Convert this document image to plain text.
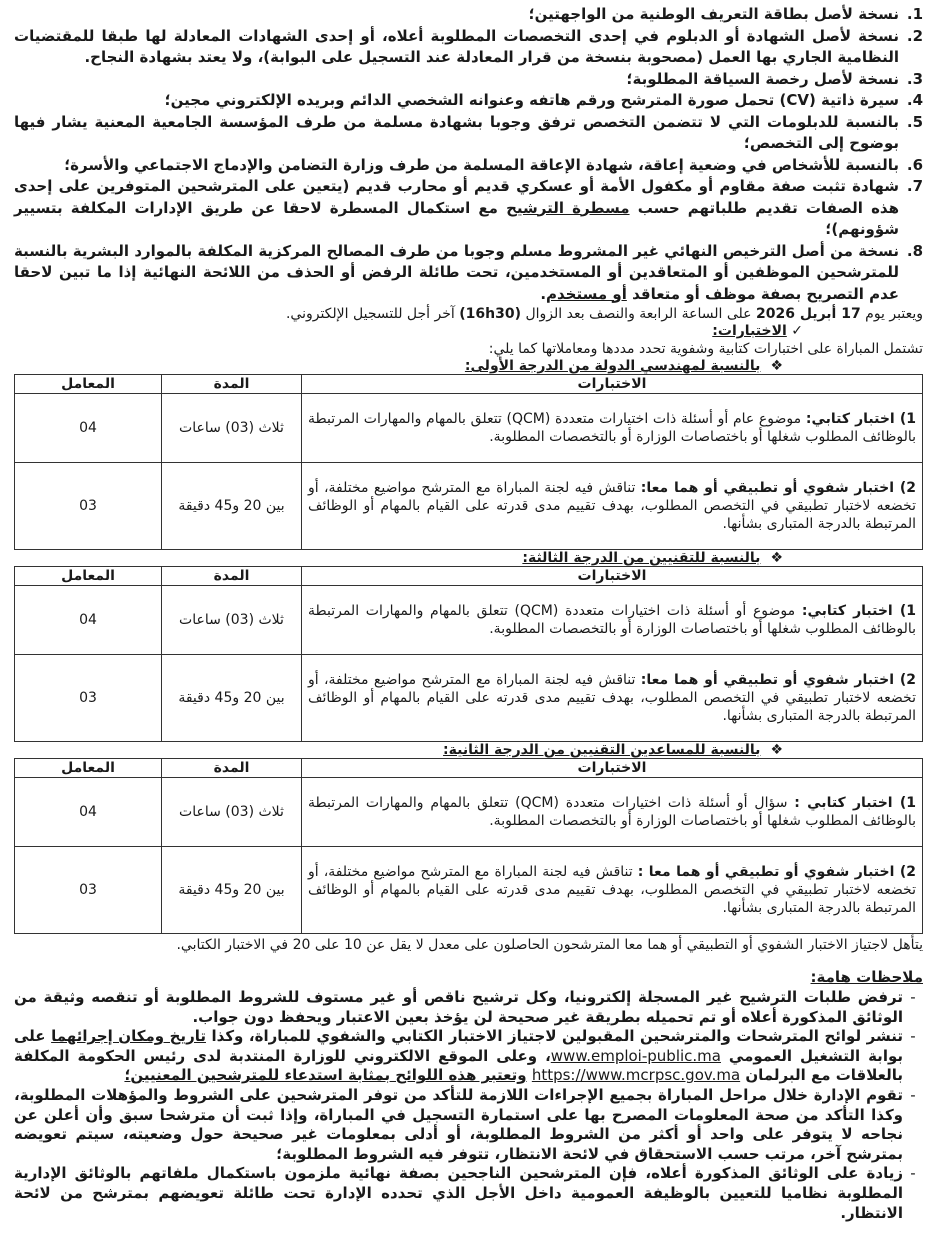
1.
نسخة لأصل بطاقة التعريف الوطنية من الواجهتين؛
2.
نسخة لأصل الشهادة أو الدبلوم في إحدى التخصصات المطلوبة أعلاه، أو إحدى الشهادات المعادلة لها طبقا للمقتضيات النظامية الجاري بها العمل (مصحوبة بنسخة من قرار المعادلة عند التسجيل على البوابة)، ولا يعتد بشهادة النجاح.
3.
نسخة لأصل رخصة السياقة المطلوبة؛
4.
سيرة ذاتية (CV) تحمل صورة المترشح ورقم هاتفه وعنوانه الشخصي الدائم وبريده الإلكتروني مجين؛
5.
بالنسبة للدبلومات التي لا تتضمن التخصص ترفق وجوبا بشهادة مسلمة من طرف المؤسسة الجامعية المعنية يشار فيها بوضوح إلى التخصص؛
6.
بالنسبة للأشخاص في وضعية إعاقة، شهادة الإعاقة المسلمة من طرف وزارة التضامن والإدماج الاجتماعي والأسرة؛
7.
شهادة تثبت صفة مقاوم أو مكفول الأمة أو عسكري قديم أو محارب قديم (يتعين على المترشحين المتوفرين على إحدى هذه الصفات تقديم طلباتهم حسب مسطرة الترشيح مع استكمال المسطرة لاحقا عن طريق الإدارات المكلفة بتسيير شؤونهم)؛
8.
نسخة من أصل الترخيص النهائي غير المشروط مسلم وجوبا من طرف المصالح المركزية المكلفة بالموارد البشرية بالنسبة للمترشحين الموظفين أو المتعاقدين أو المستخدمين، تحت طائلة الرفض أو الحذف من اللائحة النهائية إذا ما تبين لاحقا عدم التصريح بصفة موظف أو متعاقد أو مستخدم.

ويعتبر يوم 17 أبريل 2026 على الساعة الرابعة والنصف بعد الزوال (16h30) آخر أجل للتسجيل الإلكتروني.

✓ الاختبارات:

تشتمل المباراة على اختبارات كتابية وشفوية تحدد مددها ومعاملاتها كما يلي:

❖بالنسبة لمهندسي الدولة من الدرجة الأولى:
الاختبارات	المدة	المعامل
1) اختبار كتابي: موضوع عام أو أسئلة ذات اختيارات متعددة (QCM) تتعلق بالمهام والمهارات المرتبطة بالوظائف المطلوب شغلها أو باختصاصات الوزارة أو بالتخصصات المطلوبة.	ثلاث (03) ساعات	04
2) اختبار شفوي أو تطبيقي أو هما معا: تناقش فيه لجنة المباراة مع المترشح مواضيع مختلفة، أو تخضعه لاختبار تطبيقي في التخصص المطلوب، بهدف تقييم مدى قدرته على القيام بالمهام أو الوظائف المرتبطة بالدرجة المتبارى بشأنها.	بين 20 و45 دقيقة	03
❖بالنسبة للتقنيين من الدرجة الثالثة:
الاختبارات	المدة	المعامل
1) اختبار كتابي: موضوع أو أسئلة ذات اختيارات متعددة (QCM) تتعلق بالمهام والمهارات المرتبطة بالوظائف المطلوب شغلها أو باختصاصات الوزارة أو بالتخصصات المطلوبة.	ثلاث (03) ساعات	04
2) اختبار شفوي أو تطبيقي أو هما معا: تناقش فيه لجنة المباراة مع المترشح مواضيع مختلفة، أو تخضعه لاختبار تطبيقي في التخصص المطلوب، بهدف تقييم مدى قدرته على القيام بالمهام أو الوظائف المرتبطة بالدرجة المتبارى بشأنها.	بين 20 و45 دقيقة	03
❖بالنسبة للمساعدين التقنيين من الدرجة الثانية:
الاختبارات	المدة	المعامل
1) اختبار كتابي : سؤال أو أسئلة ذات اختيارات متعددة (QCM) تتعلق بالمهام والمهارات المرتبطة بالوظائف المطلوب شغلها أو باختصاصات الوزارة أو بالتخصصات المطلوبة.	ثلاث (03) ساعات	04
2) اختبار شفوي أو تطبيقي أو هما معا : تناقش فيه لجنة المباراة مع المترشح مواضيع مختلفة، أو تخضعه لاختبار تطبيقي في التخصص المطلوب، بهدف تقييم مدى قدرته على القيام بالمهام أو الوظائف المرتبطة بالدرجة المتبارى بشأنها.	بين 20 و45 دقيقة	03

يتأهل لاجتياز الاختبار الشفوي أو التطبيقي أو هما معا المترشحون الحاصلون على معدل لا يقل عن 10 على 20 في الاختبار الكتابي.

ملاحظات هامة:
-
ترفض طلبات الترشيح غير المسجلة إلكترونيا، وكل ترشيح ناقص أو غير مستوف للشروط المطلوبة أو تنقصه وثيقة من الوثائق المذكورة أعلاه أو تم تحميله بطريقة غير صحيحة لن يؤخذ بعين الاعتبار ويحفظ دون جواب.
-
تنشر لوائح المترشحات والمترشحين المقبولين لاجتياز الاختبار الكتابي والشفوي للمباراة، وكذا تاريخ ومكان إجرائهما على بوابة التشغيل العمومي www.emploi-public.ma، وعلى الموقع الالكتروني للوزارة المنتدبة لدى رئيس الحكومة المكلفة بالعلاقات مع البرلمان https://www.mcrpsc.gov.ma وتعتبر هذه اللوائح بمثابة استدعاء للمترشحين المعنيين؛
-
تقوم الإدارة خلال مراحل المباراة بجميع الإجراءات اللازمة للتأكد من توفر المترشحين على الشروط والمؤهلات المطلوبة، وكذا التأكد من صحة المعلومات المصرح بها على استمارة التسجيل في المباراة، وإذا ثبت أن مترشحا سبق وأن أعلن عن نجاحه لا يتوفر على واحد أو أكثر من الشروط المطلوبة، أو أدلى بمعلومات غير صحيحة حول وضعيته، سيتم تعويضه بمترشح آخر، مرتب حسب الاستحقاق في لائحة الانتظار، تتوفر فيه الشروط المطلوبة؛
-
زيادة على الوثائق المذكورة أعلاه، فإن المترشحين الناجحين بصفة نهائية ملزمون باستكمال ملفاتهم بالوثائق الإدارية المطلوبة نظاميا للتعيين بالوظيفة العمومية داخل الأجل الذي تحدده الإدارة تحت طائلة تعويضهم بمترشح من لائحة الانتظار.
